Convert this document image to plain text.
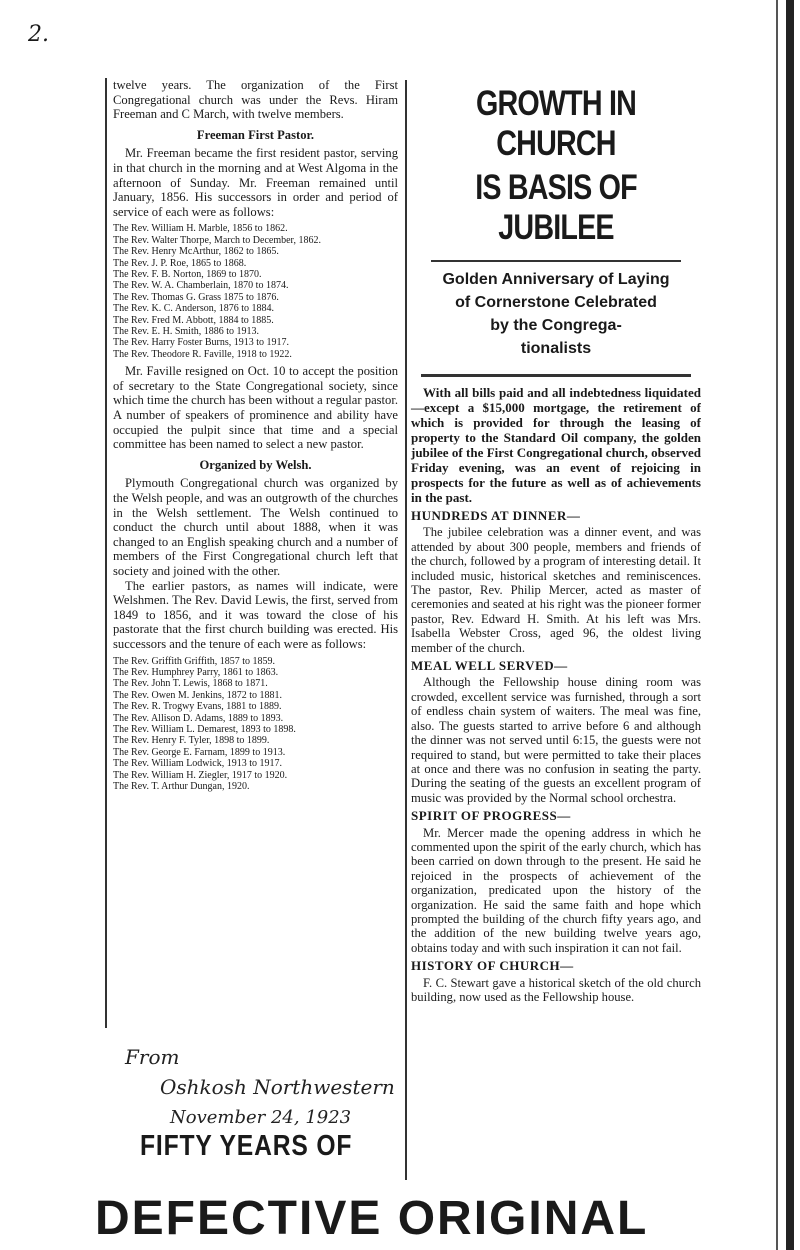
2.

twelve years. The organization of the First Congregational church was under the Revs. Hiram Freeman and C March, with twelve members.

Freeman First Pastor.

Mr. Freeman became the first resident pastor, serving in that church in the morning and at West Algoma in the afternoon of Sunday. Mr. Freeman remained until January, 1856. His successors in order and period of service of each were as follows:

The Rev. William H. Marble, 1856 to 1862.
The Rev. Walter Thorpe, March to December, 1862.
The Rev. Henry McArthur, 1862 to 1865.
The Rev. J. P. Roe, 1865 to 1868.
The Rev. F. B. Norton, 1869 to 1870.
The Rev. W. A. Chamberlain, 1870 to 1874.
The Rev. Thomas G. Grass 1875 to 1876.
The Rev. K. C. Anderson, 1876 to 1884.
The Rev. Fred M. Abbott, 1884 to 1885.
The Rev. E. H. Smith, 1886 to 1913.
The Rev. Harry Foster Burns, 1913 to 1917.
The Rev. Theodore R. Faville, 1918 to 1922.

Mr. Faville resigned on Oct. 10 to accept the position of secretary to the State Congregational society, since which time the church has been without a regular pastor. A number of speakers of prominence and ability have occupied the pulpit since that time and a special committee has been named to select a new pastor.

Organized by Welsh.

Plymouth Congregational church was organized by the Welsh people, and was an outgrowth of the churches in the Welsh settlement. The Welsh continued to conduct the church until about 1888, when it was changed to an English speaking church and a number of members of the First Congregational church left that society and joined with the other.

The earlier pastors, as names will indicate, were Welshmen. The Rev. David Lewis, the first, served from 1849 to 1856, and it was toward the close of his pastorate that the first church building was erected. His successors and the tenure of each were as follows:

The Rev. Griffith Griffith, 1857 to 1859.
The Rev. Humphrey Parry, 1861 to 1863.
The Rev. John T. Lewis, 1868 to 1871.
The Rev. Owen M. Jenkins, 1872 to 1881.
The Rev. R. Trogwy Evans, 1881 to 1889.
The Rev. Allison D. Adams, 1889 to 1893.
The Rev. William L. Demarest, 1893 to 1898.
The Rev. Henry F. Tyler, 1898 to 1899.
The Rev. George E. Farnam, 1899 to 1913.
The Rev. William Lodwick, 1913 to 1917.
The Rev. William H. Ziegler, 1917 to 1920.
The Rev. T. Arthur Dungan, 1920.
GROWTH IN CHURCH
IS BASIS OF JUBILEE
Golden Anniversary of Laying
of Cornerstone Celebrated
by the Congrega-
tionalists

With all bills paid and all indebtedness liquidated—except a $15,000 mortgage, the retirement of which is provided for through the leasing of property to the Standard Oil company, the golden jubilee of the First Congregational church, observed Friday evening, was an event of rejoicing in prospects for the future as well as of achievements in the past.

HUNDREDS AT DINNER—

The jubilee celebration was a dinner event, and was attended by about 300 people, members and friends of the church, followed by a program of interesting detail. It included music, historical sketches and reminiscences. The pastor, Rev. Philip Mercer, acted as master of ceremonies and seated at his right was the pioneer former pastor, Rev. Edward H. Smith. At his left was Mrs. Isabella Webster Cross, aged 96, the oldest living member of the church.

MEAL WELL SERVED—

Although the Fellowship house dining room was crowded, excellent service was furnished, through a sort of endless chain system of waiters. The meal was fine, also. The guests started to arrive before 6 and although the dinner was not served until 6:15, the guests were not required to stand, but were permitted to take their places at once and there was no confusion in seating the party. During the seating of the guests an excellent program of music was provided by the Normal school orchestra.

SPIRIT OF PROGRESS—

Mr. Mercer made the opening address in which he commented upon the spirit of the early church, which has been carried on down through to the present. He said he rejoiced in the prospects of achievement of the organization, predicated upon the history of the organization. He said the same faith and hope which prompted the building of the church fifty years ago, and the addition of the new building twelve years ago, obtains today and with such inspiration it can not fail.

HISTORY OF CHURCH—

F. C. Stewart gave a historical sketch of the old church building, now used as the Fellowship house.

From
Oshkosh Northwestern
November 24, 1923
FIFTY YEARS OF
DEFECTIVE ORIGINAL
